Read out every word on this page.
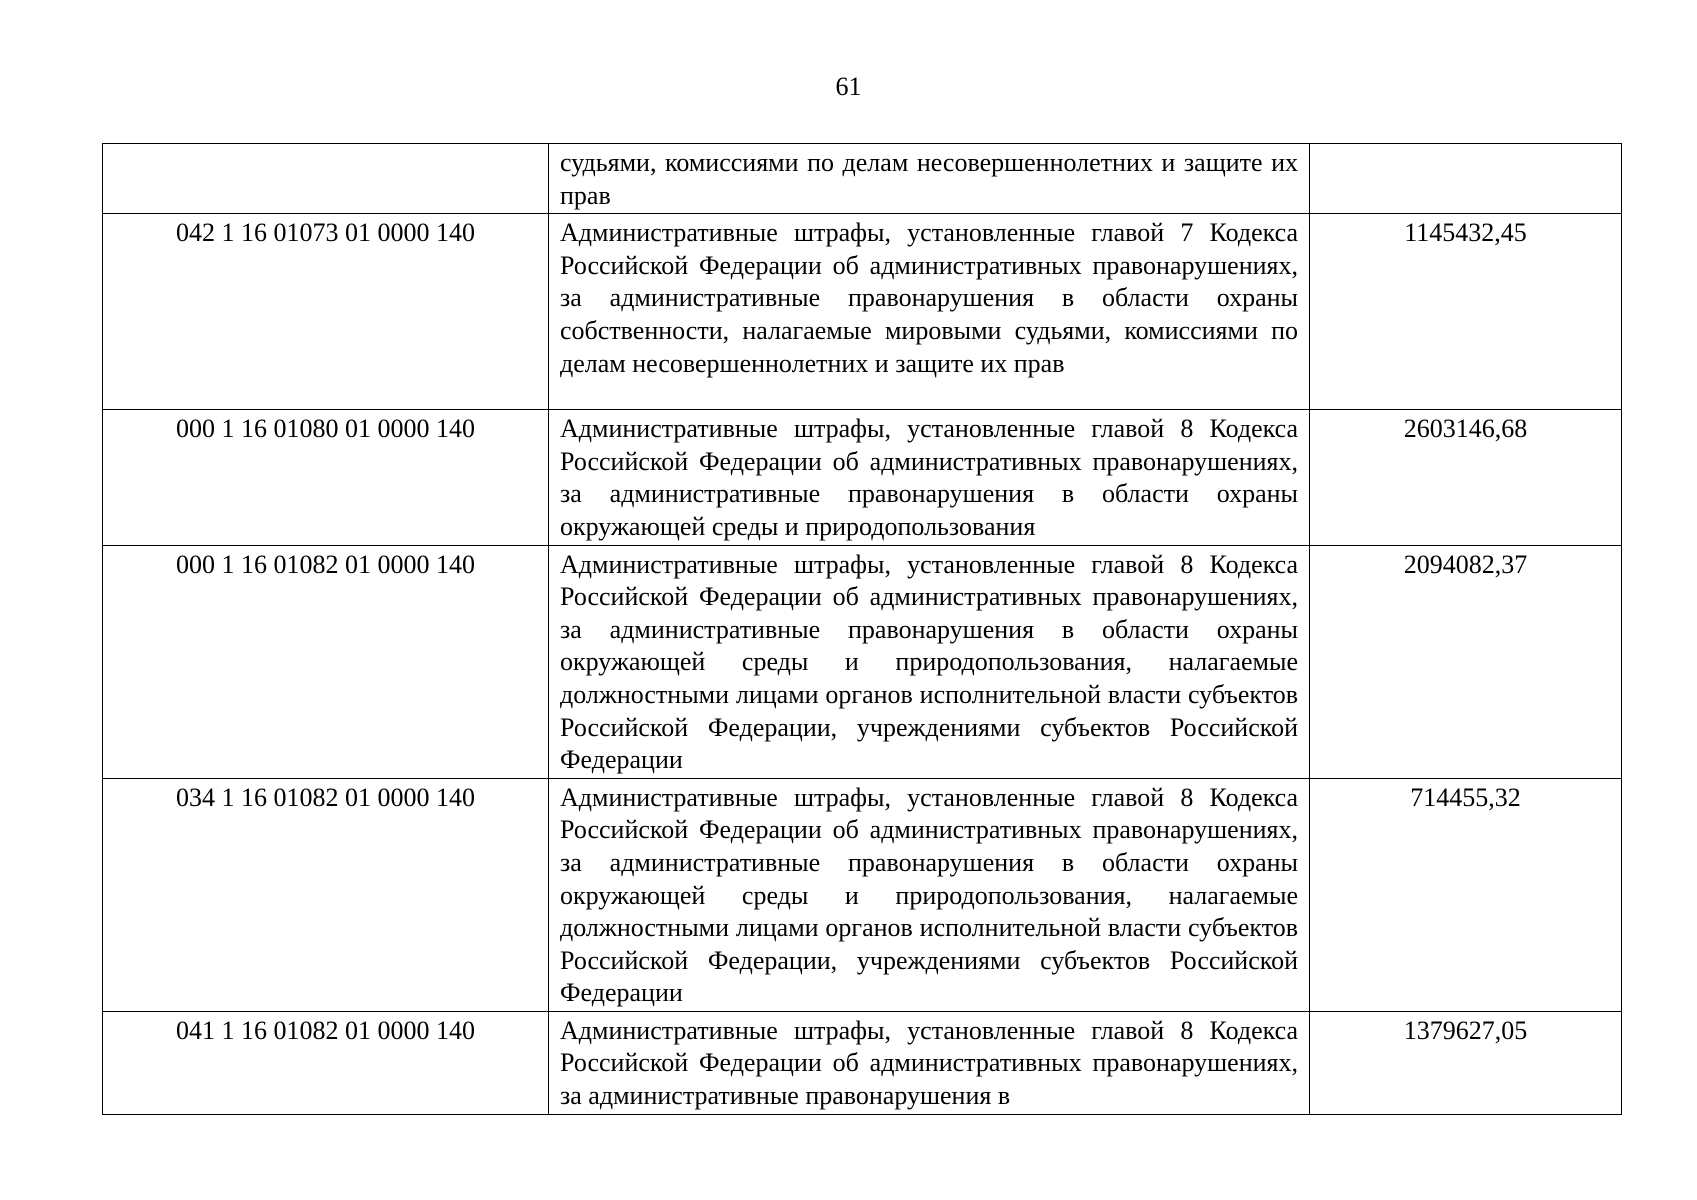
61
	судьями, комиссиями по делам несовершеннолетних и защите их прав	
042 1 16 01073 01 0000 140	Административные штрафы, установленные главой 7 Кодекса Российской Федерации об административных правонарушениях, за административные правонарушения в области охраны собственности, налагаемые мировыми судьями, комиссиями по делам несовершеннолетних и защите их прав	1145432,45
000 1 16 01080 01 0000 140	Административные штрафы, установленные главой 8 Кодекса Российской Федерации об административных правонарушениях, за административные правонарушения в области охраны окружающей среды и природопользования	2603146,68
000 1 16 01082 01 0000 140	Административные штрафы, установленные главой 8 Кодекса Российской Федерации об административных правонарушениях, за административные правонарушения в области охраны окружающей среды и природопользования, налагаемые должностными лицами органов исполнительной власти субъектов Российской Федерации, учреждениями субъектов Российской Федерации	2094082,37
034 1 16 01082 01 0000 140	Административные штрафы, установленные главой 8 Кодекса Российской Федерации об административных правонарушениях, за административные правонарушения в области охраны окружающей среды и природопользования, налагаемые должностными лицами органов исполнительной власти субъектов Российской Федерации, учреждениями субъектов Российской Федерации	714455,32
041 1 16 01082 01 0000 140	Административные штрафы, установленные главой 8 Кодекса Российской Федерации об административных правонарушениях, за административные правонарушения в	1379627,05
